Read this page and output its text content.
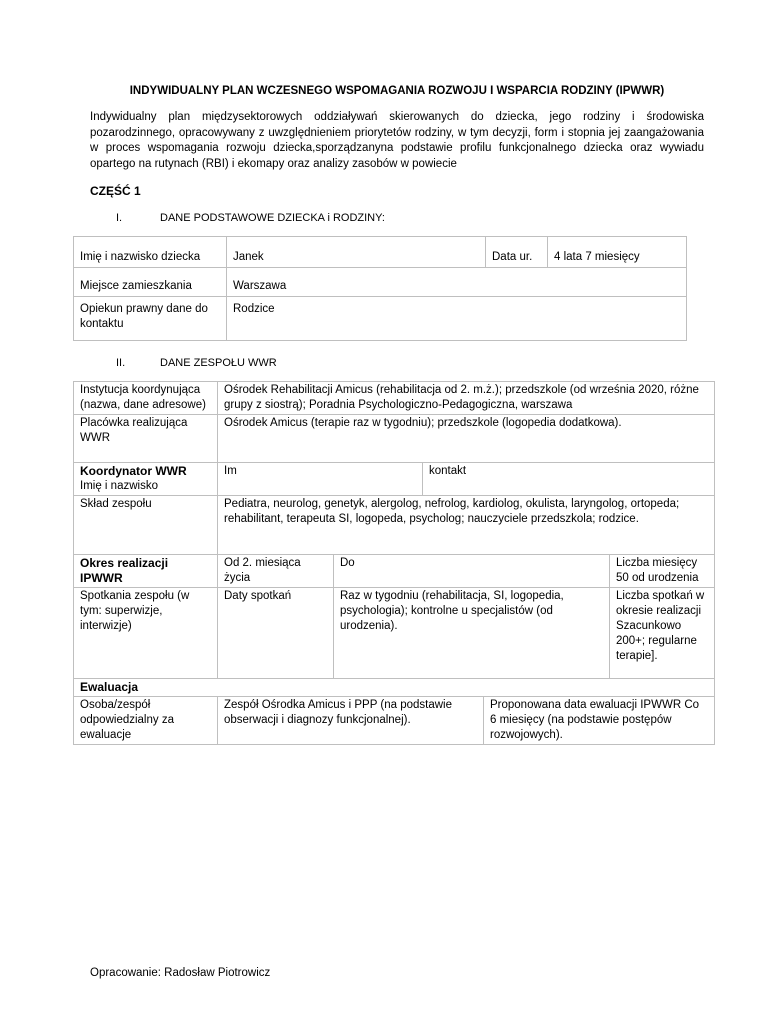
INDYWIDUALNY PLAN WCZESNEGO WSPOMAGANIA ROZWOJU I WSPARCIA RODZINY (IPWWR)
Indywidualny plan międzysektorowych oddziaływań skierowanych do dziecka, jego rodziny i środowiska pozarodzinnego, opracowywany z uwzględnieniem priorytetów rodziny, w tym decyzji, form i stopnia jej zaangażowania w proces wspomagania rozwoju dziecka,sporządzanyna podstawie profilu funkcjonalnego dziecka oraz wywiadu opartego na rutynach (RBI) i ekomapy oraz analizy zasobów w powiecie
CZĘŚĆ 1
I.	DANE PODSTAWOWE DZIECKA i RODZINY:
Imię i nazwisko dziecka	Janek	Data ur.	4 lata 7 miesięcy
Miejsce zamieszkania	Warszawa		
Opiekun prawny dane do kontaktu	Rodzice		
II.	DANE ZESPOŁU WWR
Instytucja koordynująca (nazwa, dane adresowe)	Ośrodek Rehabilitacji Amicus (rehabilitacja od 2. m.ż.); przedszkole (od września 2020, różne grupy z siostrą); Poradnia Psychologiczno-Pedagogiczna, warszawa				
Placówka realizująca WWR	Ośrodek Amicus (terapie raz w tygodniu); przedszkole (logopedia dodatkowa).				

Koordynator WWR
Imię i nazwisko	Im		kontakt		
Skład zespołu	Pediatra, neurolog, genetyk, alergolog, nefrolog, kardiolog, okulista, laryngolog, ortopeda; rehabilitant, terapeuta SI, logopeda, psycholog; nauczyciele przedszkola; rodzice.				
Okres realizacji IPWWR	Od 2. miesiąca życia	Do			Liczba miesięcy 50 od urodzenia
Spotkania zespołu (w tym: superwizje, interwizje)	Daty spotkań	Raz w tygodniu (rehabilitacja, SI, logopedia, psychologia); kontrolne u specjalistów (od urodzenia).			Liczba spotkań w okresie realizacji Szacunkowo 200+; regularne terapie].
Ewaluacja					
Osoba/zespół odpowiedzialny za ewaluacje	Zespół Ośrodka Amicus i PPP (na podstawie obserwacji i diagnozy funkcjonalnej).			Proponowana data ewaluacji IPWWR Co 6 miesięcy (na podstawie postępów rozwojowych).	
Opracowanie: Radosław Piotrowicz
